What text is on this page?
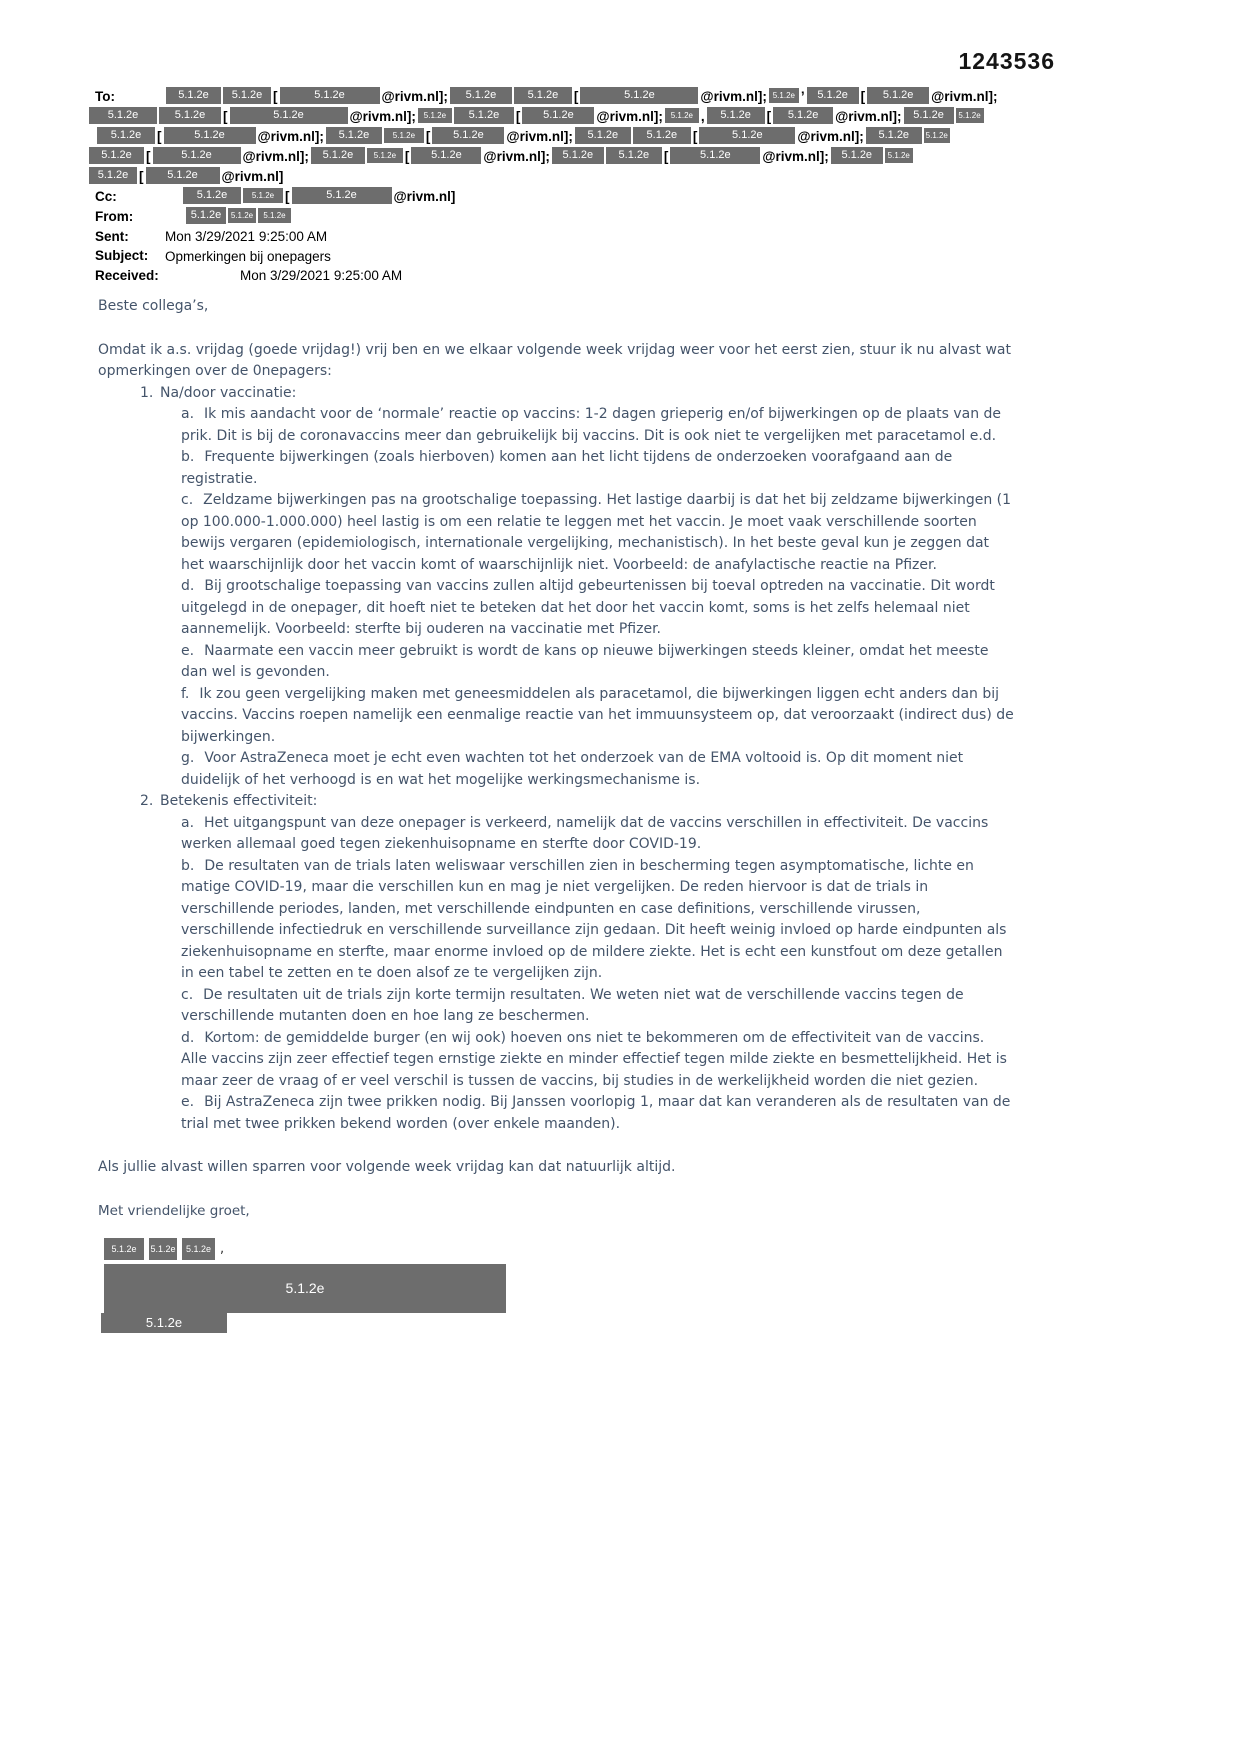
1243536
To:	5.1.2e 5.1.2e [	5.1.2e	@rivm.nl]; 5.1.2e	5.1.2e [	5.1.2e	@rivm.nl]; 5.1.2e ’ 5.1.2e [ 5.1.2e @rivm.nl];
5.1.2e	5.1.2e [	5.1.2e	@rivm.nl]; 5.1.2e 5.1.2e [ 5.1.2e @rivm.nl]; 5.1.2e , 5.1.2e [ 5.1.2e @rivm.nl]; 5.1.2e 5.1.2e
5.1.2e [	5.1.2e @rivm.nl]; 5.1.2e	5.1.2e [ 5.1.2e @rivm.nl]; 5.1.2e	5.1.2e [	5.1.2e	@rivm.nl]; 5.1.2e 5.1.2e
5.1.2e [	5.1.2e @rivm.nl]; 5.1.2e	5.1.2e [ 5.1.2e @rivm.nl]; 5.1.2e 5.1.2e [	5.1.2e @rivm.nl]; 5.1.2e 5.1.2e
5.1.2e [ 5.1.2e @rivm.nl]
Cc:	5.1.2e	5.1.2e [	5.1.2e	@rivm.nl]
From:	5.1.2e 5.1.2e 5.1.2e
Sent:	Mon 3/29/2021 9:25:00 AM
Subject: Opmerkingen bij onepagers
Received:	Mon 3/29/2021 9:25:00 AM

Beste collega’s,

Omdat ik a.s. vrijdag (goede vrijdag!) vrij ben en we elkaar volgende week vrijdag weer voor het eerst zien, stuur ik nu alvast wat opmerkingen over de 0nepagers:

1. Na/door vaccinatie:
a. Ik mis aandacht voor de ‘normale’ reactie op vaccins: 1-2 dagen grieperig en/of bijwerkingen op de plaats van de prik. Dit is bij de coronavaccins meer dan gebruikelijk bij vaccins. Dit is ook niet te vergelijken met paracetamol e.d.
b. Frequente bijwerkingen (zoals hierboven) komen aan het licht tijdens de onderzoeken voorafgaand aan de registratie.
c. Zeldzame bijwerkingen pas na grootschalige toepassing. Het lastige daarbij is dat het bij zeldzame bijwerkingen (1 op 100.000-1.000.000) heel lastig is om een relatie te leggen met het vaccin. Je moet vaak verschillende soorten bewijs vergaren (epidemiologisch, internationale vergelijking, mechanistisch). In het beste geval kun je zeggen dat het waarschijnlijk door het vaccin komt of waarschijnlijk niet. Voorbeeld: de anafylactische reactie na Pfizer.
d. Bij grootschalige toepassing van vaccins zullen altijd gebeurtenissen bij toeval optreden na vaccinatie. Dit wordt uitgelegd in de onepager, dit hoeft niet te beteken dat het door het vaccin komt, soms is het zelfs helemaal niet aannemelijk. Voorbeeld: sterfte bij ouderen na vaccinatie met Pfizer.
e. Naarmate een vaccin meer gebruikt is wordt de kans op nieuwe bijwerkingen steeds kleiner, omdat het meeste dan wel is gevonden.
f. Ik zou geen vergelijking maken met geneesmiddelen als paracetamol, die bijwerkingen liggen echt anders dan bij vaccins. Vaccins roepen namelijk een eenmalige reactie van het immuunsysteem op, dat veroorzaakt (indirect dus) de bijwerkingen.
g. Voor AstraZeneca moet je echt even wachten tot het onderzoek van de EMA voltooid is. Op dit moment niet duidelijk of het verhoogd is en wat het mogelijke werkingsmechanisme is.
2. Betekenis effectiviteit:
a. Het uitgangspunt van deze onepager is verkeerd, namelijk dat de vaccins verschillen in effectiviteit. De vaccins werken allemaal goed tegen ziekenhuisopname en sterfte door COVID-19.
b. De resultaten van de trials laten weliswaar verschillen zien in bescherming tegen asymptomatische, lichte en matige COVID-19, maar die verschillen kun en mag je niet vergelijken. De reden hiervoor is dat de trials in verschillende periodes, landen, met verschillende eindpunten en case definitions, verschillende virussen, verschillende infectiedruk en verschillende surveillance zijn gedaan. Dit heeft weinig invloed op harde eindpunten als ziekenhuisopname en sterfte, maar enorme invloed op de mildere ziekte. Het is echt een kunstfout om deze getallen in een tabel te zetten en te doen alsof ze te vergelijken zijn.
c. De resultaten uit de trials zijn korte termijn resultaten. We weten niet wat de verschillende vaccins tegen de verschillende mutanten doen en hoe lang ze beschermen.
d. Kortom: de gemiddelde burger (en wij ook) hoeven ons niet te bekommeren om de effectiviteit van de vaccins. Alle vaccins zijn zeer effectief tegen ernstige ziekte en minder effectief tegen milde ziekte en besmettelijkheid. Het is maar zeer de vraag of er veel verschil is tussen de vaccins, bij studies in de werkelijkheid worden die niet gezien.
e. Bij AstraZeneca zijn twee prikken nodig. Bij Janssen voorlopig 1, maar dat kan veranderen als de resultaten van de trial met twee prikken bekend worden (over enkele maanden).

Als jullie alvast willen sparren voor volgende week vrijdag kan dat natuurlijk altijd.

Met vriendelijke groet,

5.1.2e 5.1.2e 5.1.2e ,
5.1.2e
5.1.2e
